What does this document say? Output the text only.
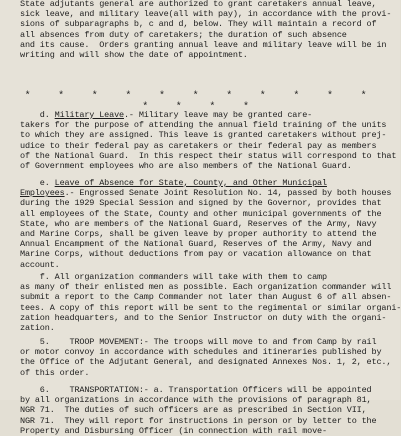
State adjutants general are authorized to grant caretakers annual leave,
sick leave, and military leave(all with pay), in accordance with the provi-
sions of subparagraphs b, c and d, below. They will maintain a record of
all absences from duty of caretakers; the duration of such absence
and its cause.  Orders granting annual leave and military leave will be in
writing and will show the date of appointment.
* * * * * * * * * * * * * * *
d. Military Leave.- Military leave may be granted care-
takers for the purpose of attending the annual field training of the units
to which they are assigned. This leave is granted caretakers without prej-
udice to their federal pay as caretakers or their federal pay as members
of the National Guard.  In this respect their status will correspond to that
of Government employees who are also members of the National Guard.
e. Leave of Absence for State, County, and Other Municipal
Employees.- Engrossed Senate Joint Resolution No. 14, passed by both houses
during the 1929 Special Session and signed by the Governor, provides that
all employees of the State, County and other municipal governments of the
State, who are members of the National Guard, Reserves of the Army, Navy
and Marine Corps, shall be given leave by proper authority to attend the
Annual Encampment of the National Guard, Reserves of the Army, Navy and
Marine Corps, without deductions from pay or vacation allowance on that
account.
f. All organization commanders will take with them to camp
as many of their enlisted men as possible. Each organization commander will
submit a report to the Camp Commander not later than August 6 of all absen-
tees. A copy of this report will be sent to the regimental or similar organi-
zation headquarters, and to the Senior Instructor on duty with the organi-
zation.
5.    TROOP MOVEMENT:- The troops will move to and from Camp by rail
or motor convoy in accordance with schedules and itineraries published by
the Office of the Adjutant General, and designated Annexes Nos. 1, 2, etc.,
of this order.
6.    TRANSPORTATION:- a. Transportation Officers will be appointed
by all organizations in accordance with the provisions of paragraph 81,
NGR 71.  The duties of such officers are as prescribed in Section VII,
NGR 71.  They will report for instructions in person or by letter to the
Property and Disbursing Officer (in connection with rail move-
